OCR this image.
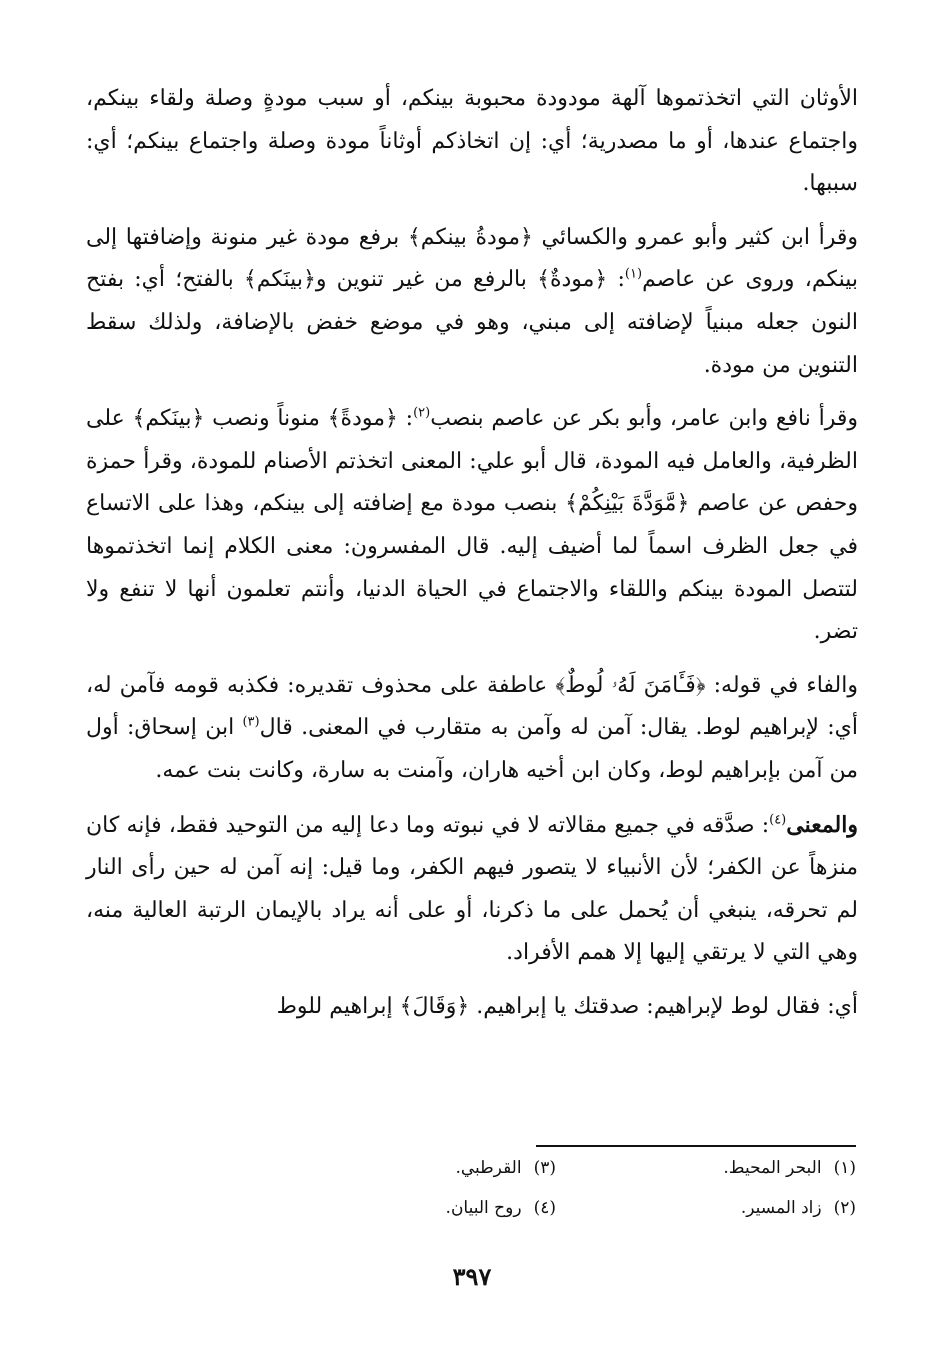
الأوثان التي اتخذتموها آلهة مودودة محبوبة بينكم، أو سبب مودةٍ وصلة ولقاء بينكم، واجتماع عندها، أو ما مصدرية؛ أي: إن اتخاذكم أوثاناً مودة وصلة واجتماع بينكم؛ أي: سببها.

وقرأ ابن كثير وأبو عمرو والكسائي ﴿مودةُ بينكم﴾ برفع مودة غير منونة وإضافتها إلى بينكم، وروى عن عاصم$^{(١)}$: ﴿مودةٌ﴾ بالرفع من غير تنوين و﴿بينَكم﴾ بالفتح؛ أي: بفتح النون جعله مبنياً لإضافته إلى مبني، وهو في موضع خفض بالإضافة، ولذلك سقط التنوين من مودة.

وقرأ نافع وابن عامر، وأبو بكر عن عاصم بنصب$^{(٢)}$: ﴿مودةً﴾ منوناً ونصب ﴿بينَكم﴾ على الظرفية، والعامل فيه المودة، قال أبو علي: المعنى اتخذتم الأصنام للمودة، وقرأ حمزة وحفص عن عاصم ﴿مَّوَدَّةَ بَيْنِكُمْ﴾ بنصب مودة مع إضافته إلى بينكم، وهذا على الاتساع في جعل الظرف اسماً لما أضيف إليه. قال المفسرون: معنى الكلام إنما اتخذتموها لتتصل المودة بينكم واللقاء والاجتماع في الحياة الدنيا، وأنتم تعلمون أنها لا تنفع ولا تضر.

والفاء في قوله: ﴿فَـَٔامَنَ لَهُۥ لُوطٌ﴾ عاطفة على محذوف تقديره: فكذبه قومه فآمن له، أي: لإبراهيم لوط. يقال: آمن له وآمن به متقارب في المعنى. قال$^{(٣)}$ ابن إسحاق: أول من آمن بإبراهيم لوط، وكان ابن أخيه هاران، وآمنت به سارة، وكانت بنت عمه.

والمعنى$^{(٤)}$: صدَّقه في جميع مقالاته لا في نبوته وما دعا إليه من التوحيد فقط، فإنه كان منزهاً عن الكفر؛ لأن الأنبياء لا يتصور فيهم الكفر، وما قيل: إنه آمن له حين رأى النار لم تحرقه، ينبغي أن يُحمل على ما ذكرنا، أو على أنه يراد بالإيمان الرتبة العالية منه، وهي التي لا يرتقي إليها إلا همم الأفراد.

أي: فقال لوط لإبراهيم: صدقتك يا إبراهيم. ﴿وَقَالَ﴾ إبراهيم للوط

(١)البحر المحيط.
(٣)القرطبي.
(٢)زاد المسير.
(٤)روح البيان.
٣٩٧
